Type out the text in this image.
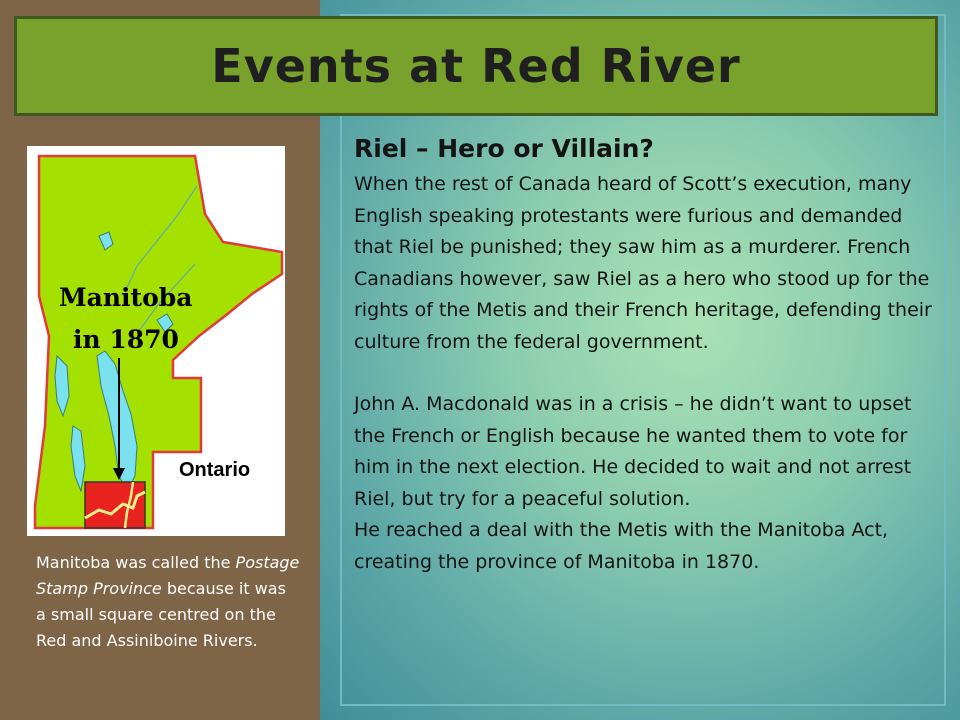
Events at Red River
Manitoba
in 1870
Ontario
Manitoba was called the Postage Stamp Province because it was a small square centred on the Red and Assiniboine Rivers.
Riel – Hero or Villain?

When the rest of Canada heard of Scott’s execution, many English speaking protestants were furious and demanded that Riel be punished; they saw him as a murderer. French Canadians however, saw Riel as a hero who stood up for the rights of the Metis and their French heritage, defending their culture from the federal government.

John A. Macdonald was in a crisis – he didn’t want to upset the French or English because he wanted them to vote for him in the next election. He decided to wait and not arrest Riel, but try for a peaceful solution.

He reached a deal with the Metis with the Manitoba Act, creating the province of Manitoba in 1870.
